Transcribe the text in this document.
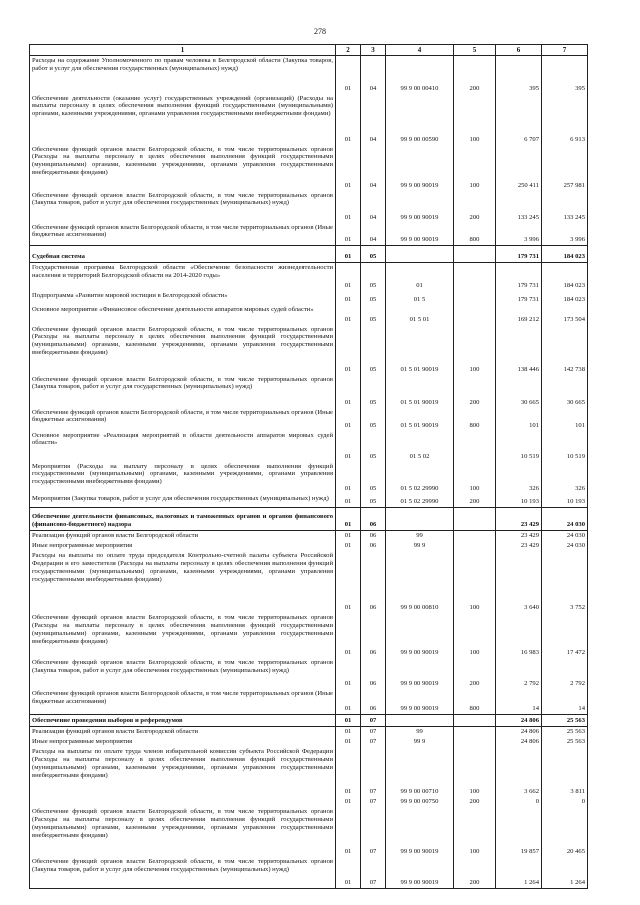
278
1	2	3	4	5	6	7
Расходы на содержание Уполномоченного по правам человека в Белгородской области (Закупка товаров, работ и услуг для обеспечения государственных (муниципальных) нужд)	01	04	99 9 00 00410	200	395	395
Обеспечение деятельности (оказание услуг) государственных учреждений (организаций) (Расходы на выплаты персоналу в целях обеспечения выполнения функций государственными (муниципальными) органами, казенными учреждениями, органами управления государственными внебюджетными фондами)	01	04	99 9 00 00590	100	6 707	6 913
Обеспечение функций органов власти Белгородской области, в том числе территориальных органов (Расходы на выплаты персоналу в целях обеспечения выполнения функций государственными (муниципальными) органами, казенными учреждениями, органами управления государственными внебюджетными фондами)	01	04	99 9 00 90019	100	250 411	257 981
Обеспечение функций органов власти Белгородской области, в том числе территориальных органов (Закупка товаров, работ и услуг для обеспечения государственных (муниципальных) нужд)	01	04	99 9 00 90019	200	133 245	133 245
Обеспечение функций органов власти Белгородской области, в том числе территориальных органов (Иные бюджетные ассигнования)	01	04	99 9 00 90019	800	3 996	3 996
Судебная система	01	05			179 731	184 023
Государственная программа Белгородской области «Обеспечение безопасности жизнедеятельности населения и территорий Белгородской области на 2014-2020 годы»	01	05	01		179 731	184 023
Подпрограмма «Развитие мировой юстиции в Белгородской области»	01	05	01 5		179 731	184 023
Основное мероприятие «Финансовое обеспечение деятельности аппаратов мировых судей области»	01	05	01 5 01		169 212	173 504
Обеспечение функций органов власти Белгородской области, в том числе территориальных органов (Расходы на выплаты персоналу в целях обеспечения выполнения функций государственными (муниципальными) органами, казенными учреждениями, органами управления государственными внебюджетными фондами)	01	05	01 5 01 90019	100	138 446	142 738
Обеспечение функций органов власти Белгородской области, в том числе территориальных органов (Закупка товаров, работ и услуг для государственных (муниципальных) нужд)	01	05	01 5 01 90019	200	30 665	30 665
Обеспечение функций органов власти Белгородской области, в том числе территориальных органов (Иные бюджетные ассигнования)	01	05	01 5 01 90019	800	101	101
Основное мероприятие «Реализация мероприятий в области деятельности аппаратов мировых судей области»	01	05	01 5 02		10 519	10 519
Мероприятия (Расходы на выплату персоналу в целях обеспечения выполнения функций государственными (муниципальными) органами, казенными учреждениями, органами управления государственными внебюджетными фондами)	01	05	01 5 02 29990	100	326	326
Мероприятия (Закупка товаров, работ и услуг для обеспечения государственных (муниципальных) нужд)	01	05	01 5 02 29990	200	10 193	10 193
Обеспечение деятельности финансовых, налоговых и таможенных органов и органов финансового (финансово-бюджетного) надзора	01	06			23 429	24 030
Реализация функций органов власти Белгородской области	01	06	99		23 429	24 030
Иные непрограммные мероприятия	01	06	99 9		23 429	24 030
Расходы на выплаты по оплате труда председателя Контрольно-счетной палаты субъекта Российской Федерации и его заместителя (Расходы на выплаты персоналу в целях обеспечения выполнения функций государственными (муниципальными) органами, казенными учреждениями, органами управления государственными внебюджетными фондами)	01	06	99 9 00 00810	100	3 640	3 752
Обеспечение функций органов власти Белгородской области, в том числе территориальных органов (Расходы на выплаты персоналу в целях обеспечения выполнения функций государственными (муниципальными) органами, казенными учреждениями, органами управления государственными внебюджетными фондами)	01	06	99 9 00 90019	100	16 983	17 472
Обеспечение функций органов власти Белгородской области, в том числе территориальных органов (Закупка товаров, работ и услуг для обеспечения государственных (муниципальных) нужд)	01	06	99 9 00 90019	200	2 792	2 792
Обеспечение функций органов власти Белгородской области, в том числе территориальных органов (Иные бюджетные ассигнования)	01	06	99 9 00 90019	800	14	14
Обеспечение проведения выборов и референдумов	01	07			24 806	25 563
Реализация функций органов власти Белгородской области	01	07	99		24 806	25 563
Иные непрограммные мероприятия	01	07	99 9		24 806	25 563
Расходы на выплаты по оплате труда членов избирательной комиссии субъекта Российской Федерации (Расходы на выплаты персоналу в целях обеспечения выполнения функций государственными (муниципальными) органами, казенными учреждениями, органами управления государственными внебюджетными фондами)	01	07	99 9 00 00710	100	3 662	3 811
	01	07	99 9 00 00750	200	0	0
Обеспечение функций органов власти Белгородской области, в том числе территориальных органов (Расходы на выплаты персоналу в целях обеспечения выполнения функций государственными (муниципальными) органами, казенными учреждениями, органами управления государственными внебюджетными фондами)	01	07	99 9 00 90019	100	19 857	20 465
Обеспечение функций органов власти Белгородской области, в том числе территориальных органов (Закупка товаров, работ и услуг для обеспечения государственных (муниципальных) нужд)	01	07	99 9 00 90019	200	1 264	1 264
